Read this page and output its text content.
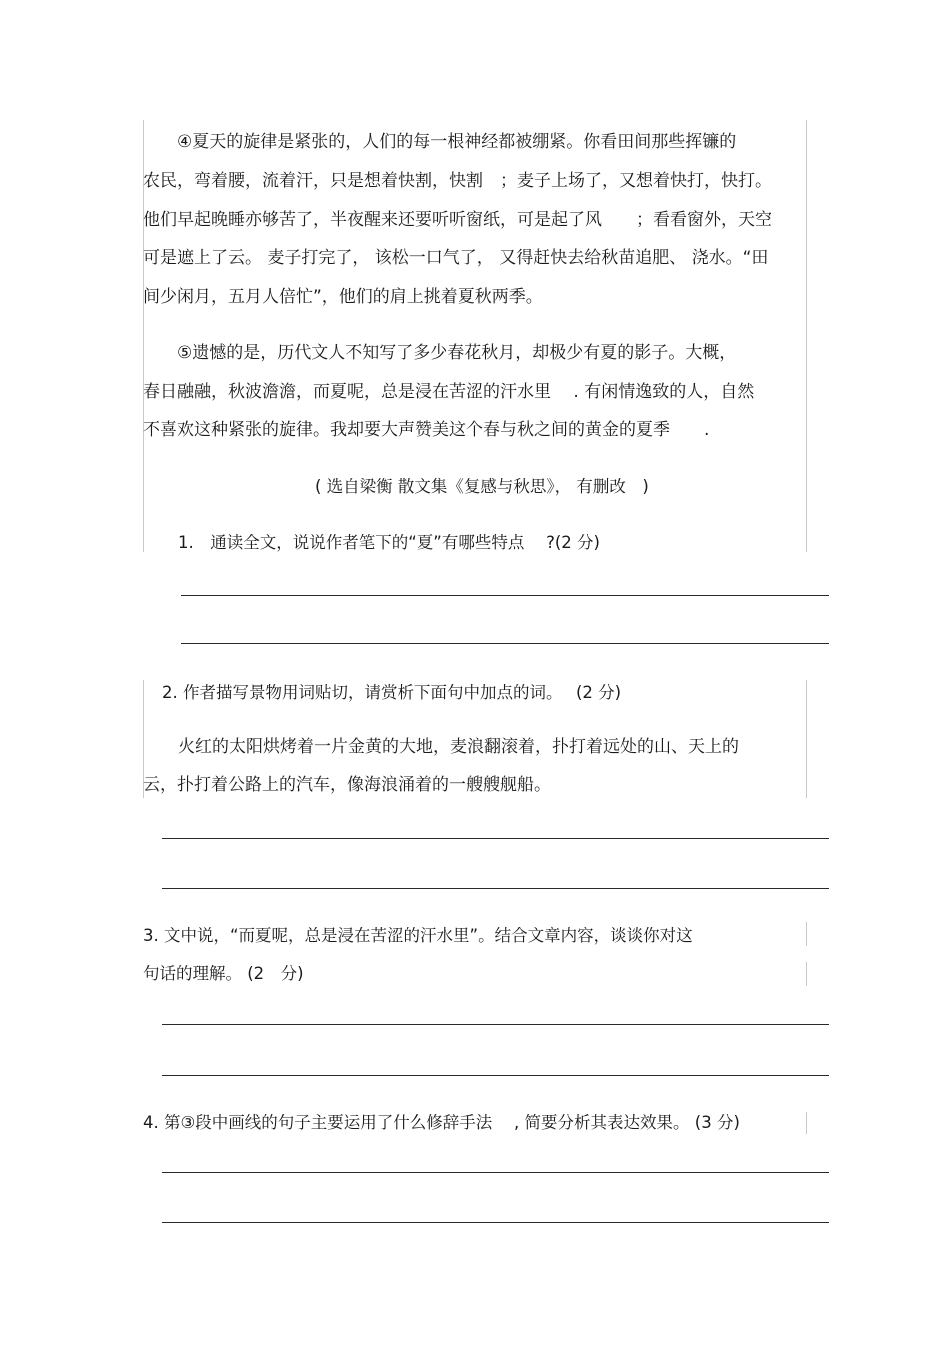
④夏天的旋律是紧张的，人们的每一根神经都被绷紧。你看田间那些挥镰的
农民，弯着腰，流着汗，只是想着快割，快割　；麦子上场了，又想着快打，快打。
他们早起晚睡亦够苦了，半夜醒来还要听听窗纸，可是起了风　　；看看窗外，天空
可是遮上了云。 麦子打完了， 该松一口气了， 又得赶快去给秋苗追肥、 浇水。“田
间少闲月，五月人倍忙”，他们的肩上挑着夏秋两季。
⑤遗憾的是，历代文人不知写了多少春花秋月，却极少有夏的影子。大概，
春日融融，秋波澹澹，而夏呢，总是浸在苦涩的汗水里　 . 有闲情逸致的人，自然
不喜欢这种紧张的旋律。我却要大声赞美这个春与秋之间的黄金的夏季　　.
( 选自梁衡 散文集《复感与秋思》， 有删改　)
1.　通读全文，说说作者笔下的“夏”有哪些特点　 ?(2 分)
2. 作者描写景物用词贴切，请赏析下面句中加点的词。　 (2 分)
火红的太阳烘烤着一片金黄的大地，麦浪翻滚着，扑打着远处的山、天上的
云，扑打着公路上的汽车，像海浪涌着的一艘艘舰船。
3. 文中说，“而夏呢，总是浸在苦涩的汗水里”。结合文章内容，谈谈你对这
句话的理解。 (2　分)
4. 第③段中画线的句子主要运用了什么修辞手法　 , 简要分析其表达效果。 (3 分)
